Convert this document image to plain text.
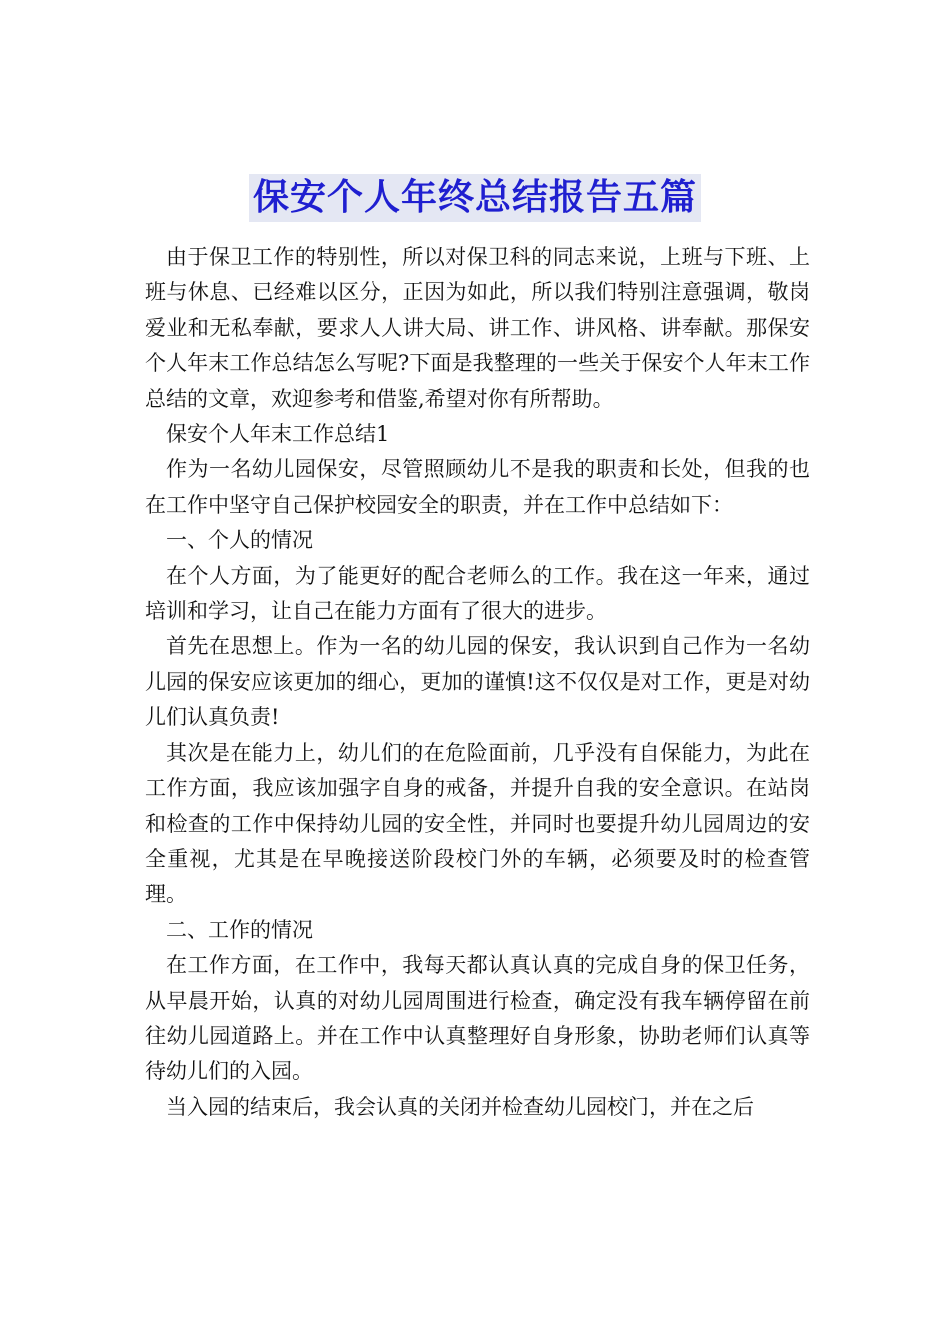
保安个人年终总结报告五篇

由于保卫工作的特别性，所以对保卫科的同志来说，上班与下班、上班与休息、已经难以区分，正因为如此，所以我们特别注意强调，敬岗爱业和无私奉献，要求人人讲大局、讲工作、讲风格、讲奉献。那保安个人年末工作总结怎么写呢?下面是我整理的一些关于保安个人年末工作总结的文章，欢迎参考和借鉴,希望对你有所帮助。

保安个人年末工作总结1

作为一名幼儿园保安，尽管照顾幼儿不是我的职责和长处，但我的也在工作中坚守自己保护校园安全的职责，并在工作中总结如下：

一、个人的情况

在个人方面，为了能更好的配合老师么的工作。我在这一年来，通过培训和学习，让自己在能力方面有了很大的进步。

首先在思想上。作为一名的幼儿园的保安，我认识到自己作为一名幼儿园的保安应该更加的细心，更加的谨慎!这不仅仅是对工作，更是对幼儿们认真负责!

其次是在能力上，幼儿们的在危险面前，几乎没有自保能力，为此在工作方面，我应该加强字自身的戒备，并提升自我的安全意识。在站岗和检查的工作中保持幼儿园的安全性，并同时也要提升幼儿园周边的安全重视，尤其是在早晚接送阶段校门外的车辆，必须要及时的检查管理。

二、工作的情况

在工作方面，在工作中，我每天都认真认真的完成自身的保卫任务，从早晨开始，认真的对幼儿园周围进行检查，确定没有我车辆停留在前往幼儿园道路上。并在工作中认真整理好自身形象，协助老师们认真等待幼儿们的入园。

当入园的结束后，我会认真的关闭并检查幼儿园校门，并在之后
